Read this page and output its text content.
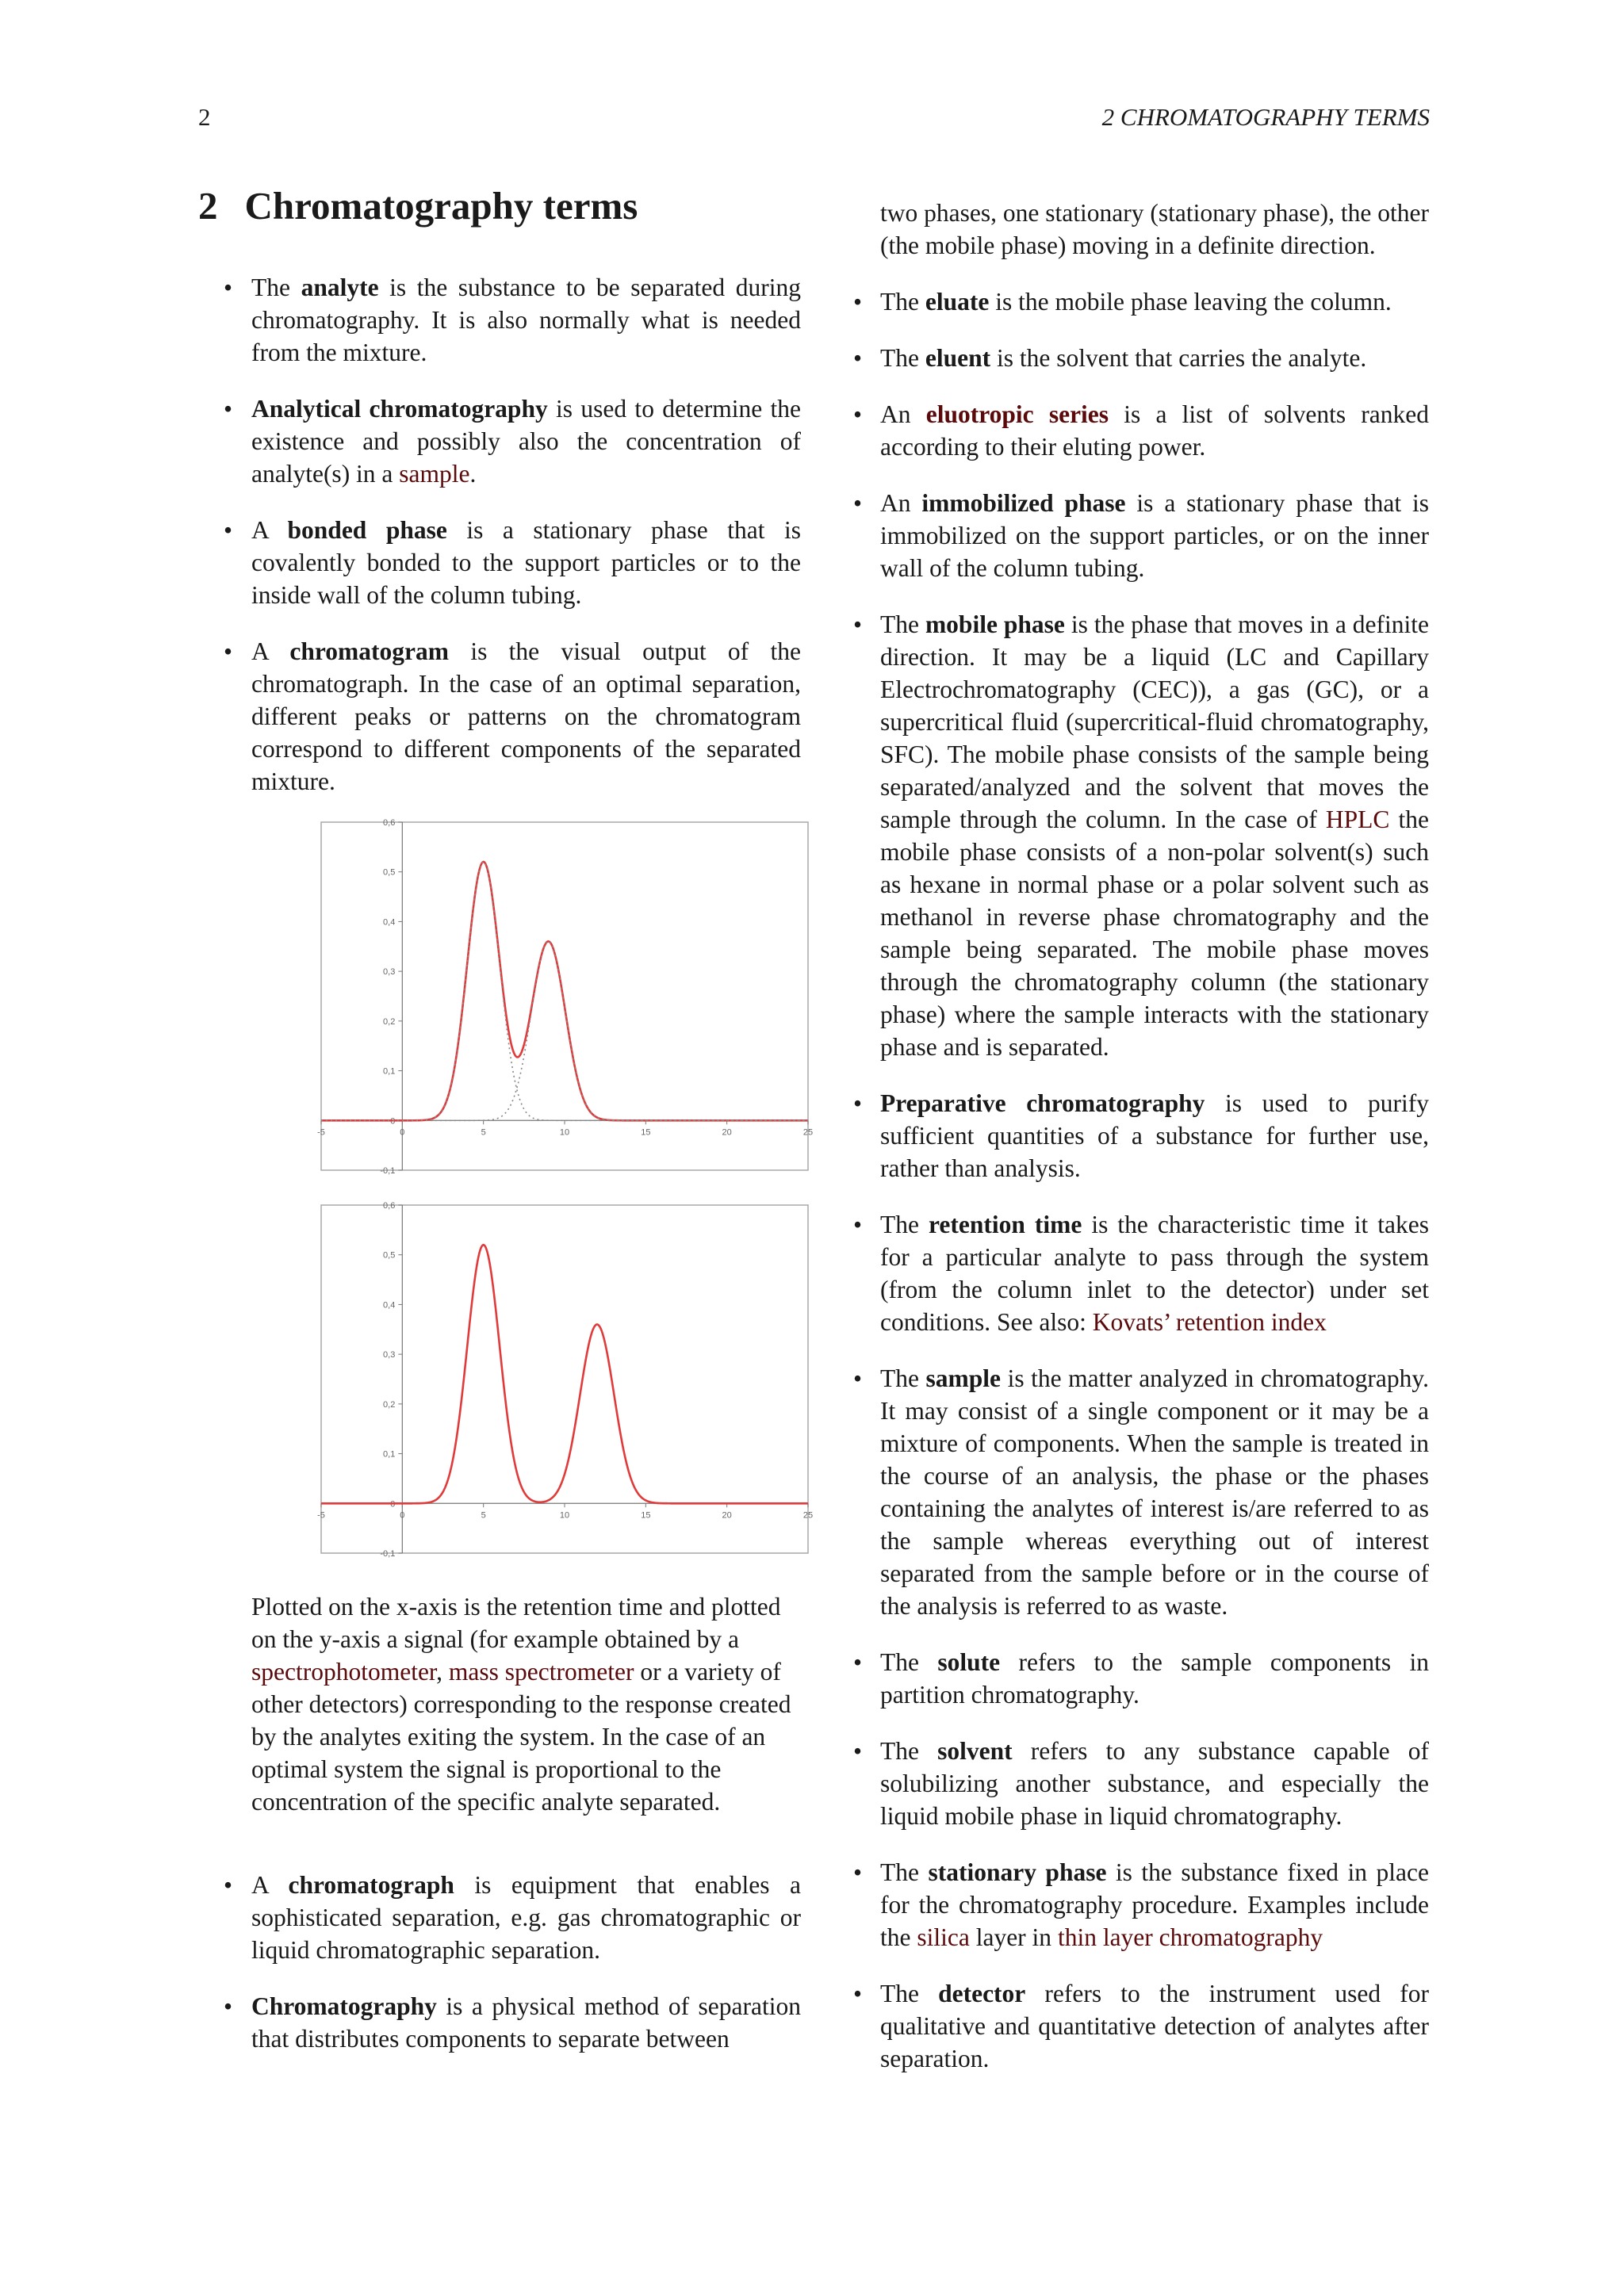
2	2 CHROMATOGRAPHY TERMS
2 Chromatography terms
• The analyte is the substance to be separated during chromatography. It is also normally what is needed from the mixture.
• Analytical chromatography is used to determine the existence and possibly also the concentration of analyte(s) in a sample.
• A bonded phase is a stationary phase that is covalently bonded to the support particles or to the inside wall of the column tubing.
• A chromatogram is the visual output of the chromatograph. In the case of an optimal separation, different peaks or patterns on the chromatogram correspond to different components of the separated mixture.
-0,1
0
0,1
0,2
0,3
0,4
0,5
0,6
-5	0	5	10	15	20	25
-0,1
0
0,1
0,2
0,3
0,4
0,5
0,6
-5	0	5	10	15	20	25
Plotted on the x-axis is the retention time and plotted on the y-axis a signal (for example obtained by a spectrophotometer, mass spectrometer or a variety of other detectors) corresponding to the response created by the analytes exiting the system. In the case of an optimal system the signal is proportional to the concentration of the specific analyte separated.
• A chromatograph is equipment that enables a sophisticated separation, e.g. gas chromatographic or liquid chromatographic separation.
• Chromatography is a physical method of separation that distributes components to separate between
two phases, one stationary (stationary phase), the other (the mobile phase) moving in a definite direction.
• The eluate is the mobile phase leaving the column.
• The eluent is the solvent that carries the analyte.
• An eluotropic series is a list of solvents ranked according to their eluting power.
• An immobilized phase is a stationary phase that is immobilized on the support particles, or on the inner wall of the column tubing.
• The mobile phase is the phase that moves in a definite direction. It may be a liquid (LC and Capillary Electrochromatography (CEC)), a gas (GC), or a supercritical fluid (supercritical-fluid chromatography, SFC). The mobile phase consists of the sample being separated/analyzed and the solvent that moves the sample through the column. In the case of HPLC the mobile phase consists of a non-polar solvent(s) such as hexane in normal phase or a polar solvent such as methanol in reverse phase chromatography and the sample being separated. The mobile phase moves through the chromatography column (the stationary phase) where the sample interacts with the stationary phase and is separated.
• Preparative chromatography is used to purify sufficient quantities of a substance for further use, rather than analysis.
• The retention time is the characteristic time it takes for a particular analyte to pass through the system (from the column inlet to the detector) under set conditions. See also: Kovats’ retention index
• The sample is the matter analyzed in chromatography. It may consist of a single component or it may be a mixture of components. When the sample is treated in the course of an analysis, the phase or the phases containing the analytes of interest is/are referred to as the sample whereas everything out of interest separated from the sample before or in the course of the analysis is referred to as waste.
• The solute refers to the sample components in partition chromatography.
• The solvent refers to any substance capable of solubilizing another substance, and especially the liquid mobile phase in liquid chromatography.
• The stationary phase is the substance fixed in place for the chromatography procedure. Examples include the silica layer in thin layer chromatography
• The detector refers to the instrument used for qualitative and quantitative detection of analytes after separation.
